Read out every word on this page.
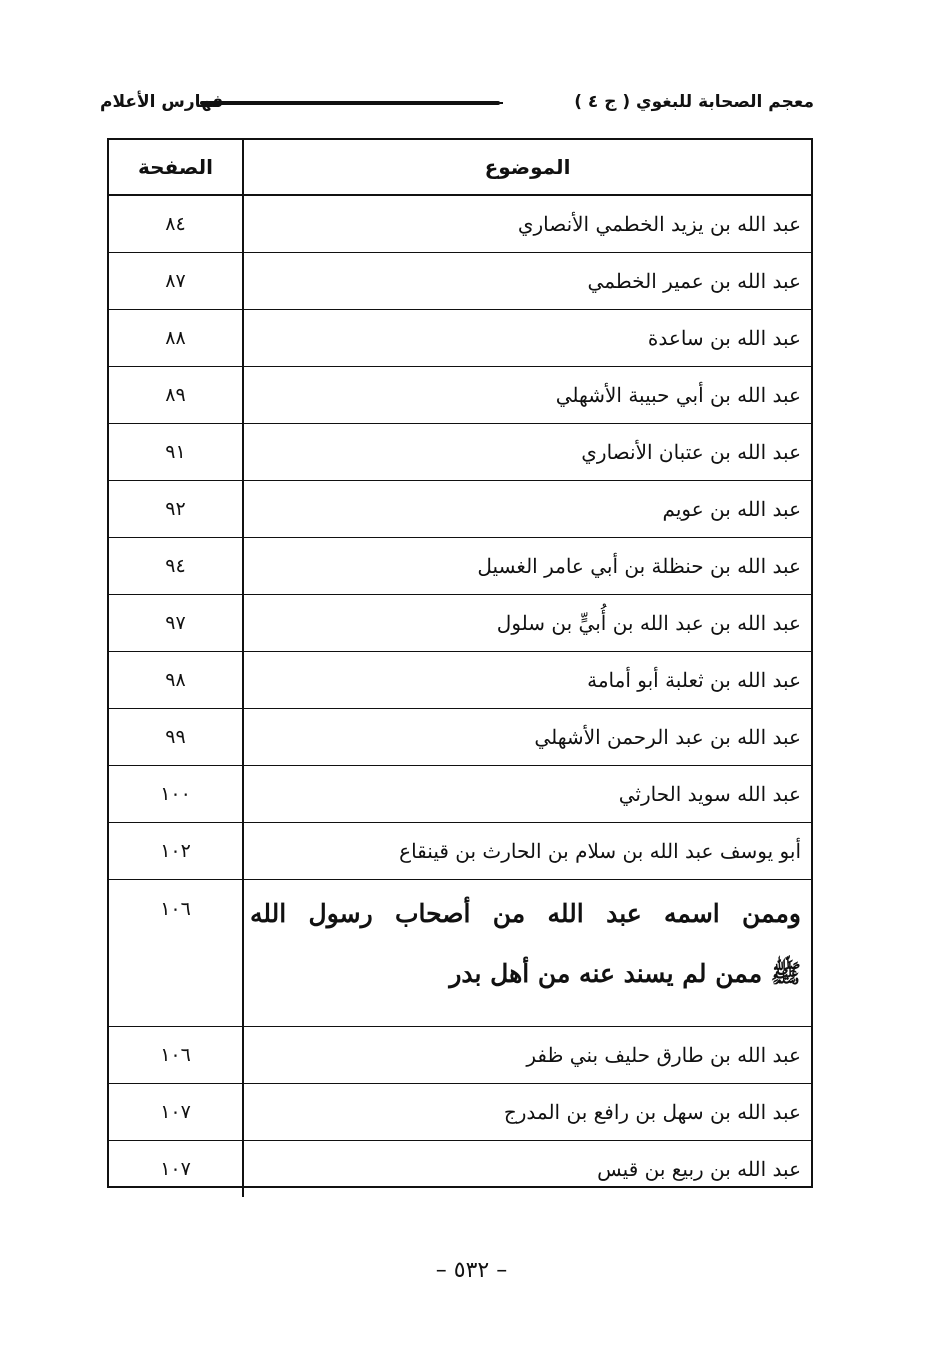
معجم الصحابة للبغوي ( ج ٤ )
فهارس الأعلام
الموضوع	الصفحة
عبد الله بن يزيد الخطمي الأنصاري	٨٤
عبد الله بن عمير الخطمي	٨٧
عبد الله بن ساعدة	٨٨
عبد الله بن أبي حبيبة الأشهلي	٨٩
عبد الله بن عتبان الأنصاري	٩١
عبد الله بن عويم	٩٢
عبد الله بن حنظلة بن أبي عامر الغسيل	٩٤
عبد الله بن عبد الله بن أُبيٍّ بن سلول	٩٧
عبد الله بن ثعلبة أبو أمامة	٩٨
عبد الله بن عبد الرحمن الأشهلي	٩٩
عبد الله سويد الحارثي	١٠٠
أبو يوسف عبد الله بن سلام بن الحارث بن قينقاع	١٠٢

وممن اسمه عبد الله من أصحاب رسول الله
ﷺ ممن لم يسند عنه من أهل بدر	١٠٦
عبد الله بن طارق حليف بني ظفر	١٠٦
عبد الله بن سهل بن رافع بن المدرج	١٠٧
عبد الله بن ربيع بن قيس	١٠٧
– ٥٣٢ –
